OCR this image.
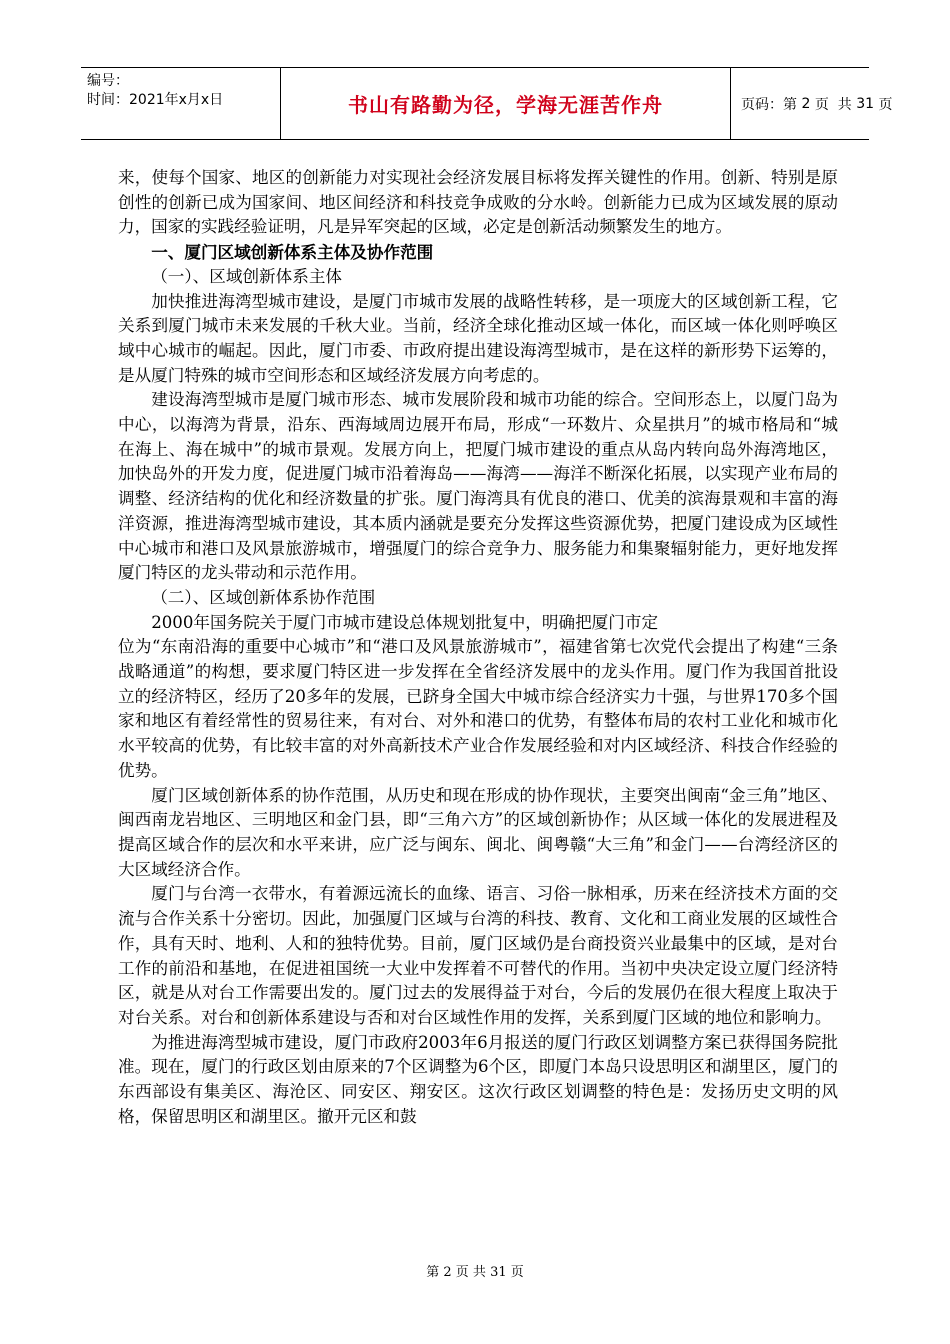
编号：
时间：2021年x月x日	书山有路勤为径，学海无涯苦作舟	页码：第
2
页  共
31
页

来，使每个国家、地区的创新能力对实现社会经济发展目标将发挥关键性的作用。创新、特别是原创性的创新已成为国家间、地区间经济和科技竞争成败的分水岭。创新能力已成为区域发展的原动力，国家的实践经验证明，凡是异军突起的区域，必定是创新活动频繁发生的地方。

一、厦门区域创新体系主体及协作范围

（一）、区域创新体系主体

加快推进海湾型城市建设，是厦门市城市发展的战略性转移，是一项庞大的区域创新工程，它关系到厦门城市未来发展的千秋大业。当前，经济全球化推动区域一体化，而区域一体化则呼唤区域中心城市的崛起。因此，厦门市委、市政府提出建设海湾型城市，是在这样的新形势下运筹的，是从厦门特殊的城市空间形态和区域经济发展方向考虑的。

建设海湾型城市是厦门城市形态、城市发展阶段和城市功能的综合。空间形态上，以厦门岛为中心，以海湾为背景，沿东、西海域周边展开布局，形成“一环数片、众星拱月”的城市格局和“城在海上、海在城中”的城市景观。发展方向上，把厦门城市建设的重点从岛内转向岛外海湾地区，加快岛外的开发力度，促进厦门城市沿着海岛——海湾——海洋不断深化拓展，以实现产业布局的调整、经济结构的优化和经济数量的扩张。厦门海湾具有优良的港口、优美的滨海景观和丰富的海洋资源，推进海湾型城市建设，其本质内涵就是要充分发挥这些资源优势，把厦门建设成为区域性中心城市和港口及风景旅游城市，增强厦门的综合竞争力、服务能力和集聚辐射能力，更好地发挥厦门特区的龙头带动和示范作用。

（二）、区域创新体系协作范围

2000年国务院关于厦门市城市建设总体规划批复中，明确把厦门市定

位为“东南沿海的重要中心城市”和“港口及风景旅游城市”，福建省第七次党代会提出了构建“三条战略通道”的构想，要求厦门特区进一步发挥在全省经济发展中的龙头作用。厦门作为我国首批设立的经济特区，经历了20多年的发展，已跻身全国大中城市综合经济实力十强，与世界170多个国家和地区有着经常性的贸易往来，有对台、对外和港口的优势，有整体布局的农村工业化和城市化水平较高的优势，有比较丰富的对外高新技术产业合作发展经验和对内区域经济、科技合作经验的优势。

厦门区域创新体系的协作范围，从历史和现在形成的协作现状，主要突出闽南“金三角”地区、闽西南龙岩地区、三明地区和金门县，即“三角六方”的区域创新协作；从区域一体化的发展进程及提高区域合作的层次和水平来讲，应广泛与闽东、闽北、闽粤赣“大三角”和金门——台湾经济区的大区域经济合作。

厦门与台湾一衣带水，有着源远流长的血缘、语言、习俗一脉相承，历来在经济技术方面的交流与合作关系十分密切。因此，加强厦门区域与台湾的科技、教育、文化和工商业发展的区域性合作，具有天时、地利、人和的独特优势。目前，厦门区域仍是台商投资兴业最集中的区域，是对台工作的前沿和基地，在促进祖国统一大业中发挥着不可替代的作用。当初中央决定设立厦门经济特区，就是从对台工作需要出发的。厦门过去的发展得益于对台，今后的发展仍在很大程度上取决于对台关系。对台和创新体系建设与否和对台区域性作用的发挥，关系到厦门区域的地位和影响力。

为推进海湾型城市建设，厦门市政府2003年6月报送的厦门行政区划调整方案已获得国务院批准。现在，厦门的行政区划由原来的7个区调整为6个区，即厦门本岛只设思明区和湖里区，厦门的东西部设有集美区、海沧区、同安区、翔安区。这次行政区划调整的特色是：发扬历史文明的风格，保留思明区和湖里区。撤开元区和鼓

第 2 页 共 31 页
